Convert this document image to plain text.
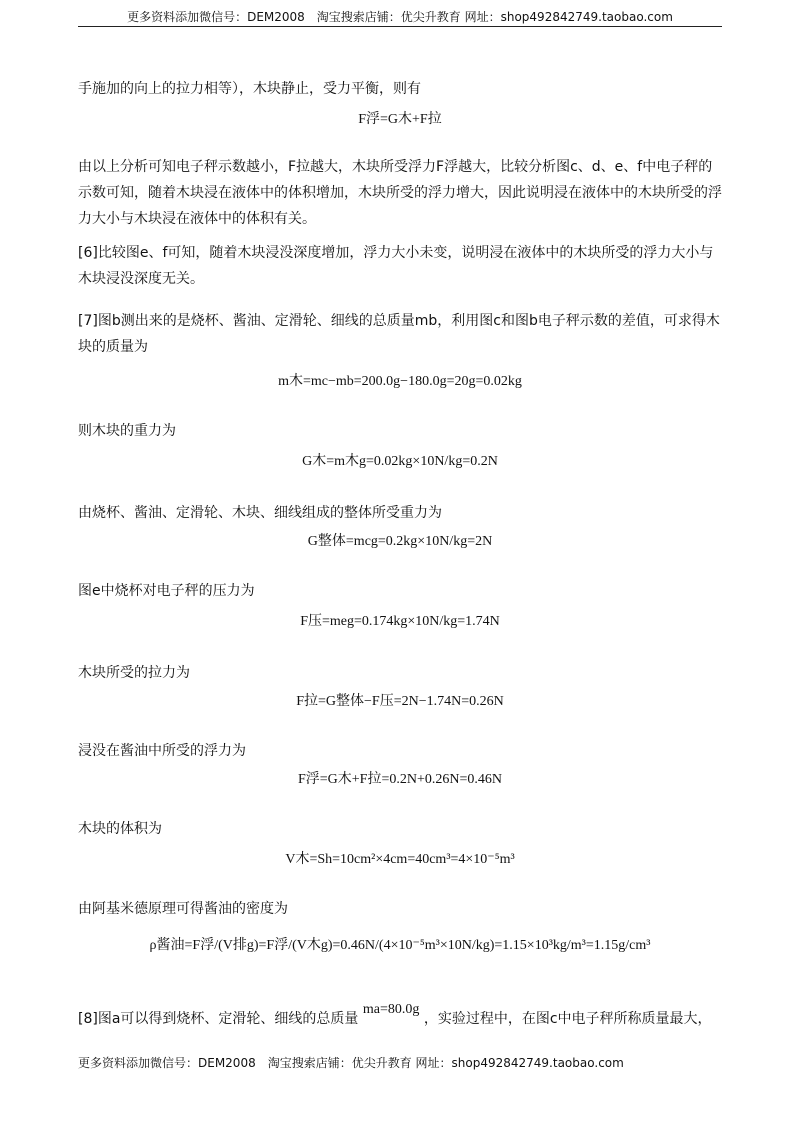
更多资料添加微信号：DEM2008　淘宝搜索店铺：优尖升教育 网址：shop492842749.taobao.com
手施加的向上的拉力相等），木块静止，受力平衡，则有
F浮=G木+F拉
由以上分析可知电子秤示数越小，F拉越大，木块所受浮力F浮越大，比较分析图c、d、e、f中电子秤的示数可知，随着木块浸在液体中的体积增加，木块所受的浮力增大，因此说明浸在液体中的木块所受的浮力大小与木块浸在液体中的体积有关。
[6]比较图e、f可知，随着木块浸没深度增加，浮力大小未变，说明浸在液体中的木块所受的浮力大小与木块浸没深度无关。
[7]图b测出来的是烧杯、酱油、定滑轮、细线的总质量mb，利用图c和图b电子秤示数的差值，可求得木块的质量为
m木=mc−mb=200.0g−180.0g=20g=0.02kg
则木块的重力为
G木=m木g=0.02kg×10N/kg=0.2N
由烧杯、酱油、定滑轮、木块、细线组成的整体所受重力为
G整体=mcg=0.2kg×10N/kg=2N
图e中烧杯对电子秤的压力为
F压=meg=0.174kg×10N/kg=1.74N
木块所受的拉力为
F拉=G整体−F压=2N−1.74N=0.26N
浸没在酱油中所受的浮力为
F浮=G木+F拉=0.2N+0.26N=0.46N
木块的体积为
V木=Sh=10cm²×4cm=40cm³=4×10⁻⁵m³
由阿基米德原理可得酱油的密度为
ρ酱油=F浮/(V排g)=F浮/(V木g)=0.46N/(4×10⁻⁵m³×10N/kg)=1.15×10³kg/m³=1.15g/cm³
[8]图a可以得到烧杯、定滑轮、细线的总质量 ma=80.0g ，实验过程中，在图c中电子秤所称质量最大，
更多资料添加微信号：DEM2008　淘宝搜索店铺：优尖升教育 网址：shop492842749.taobao.com
